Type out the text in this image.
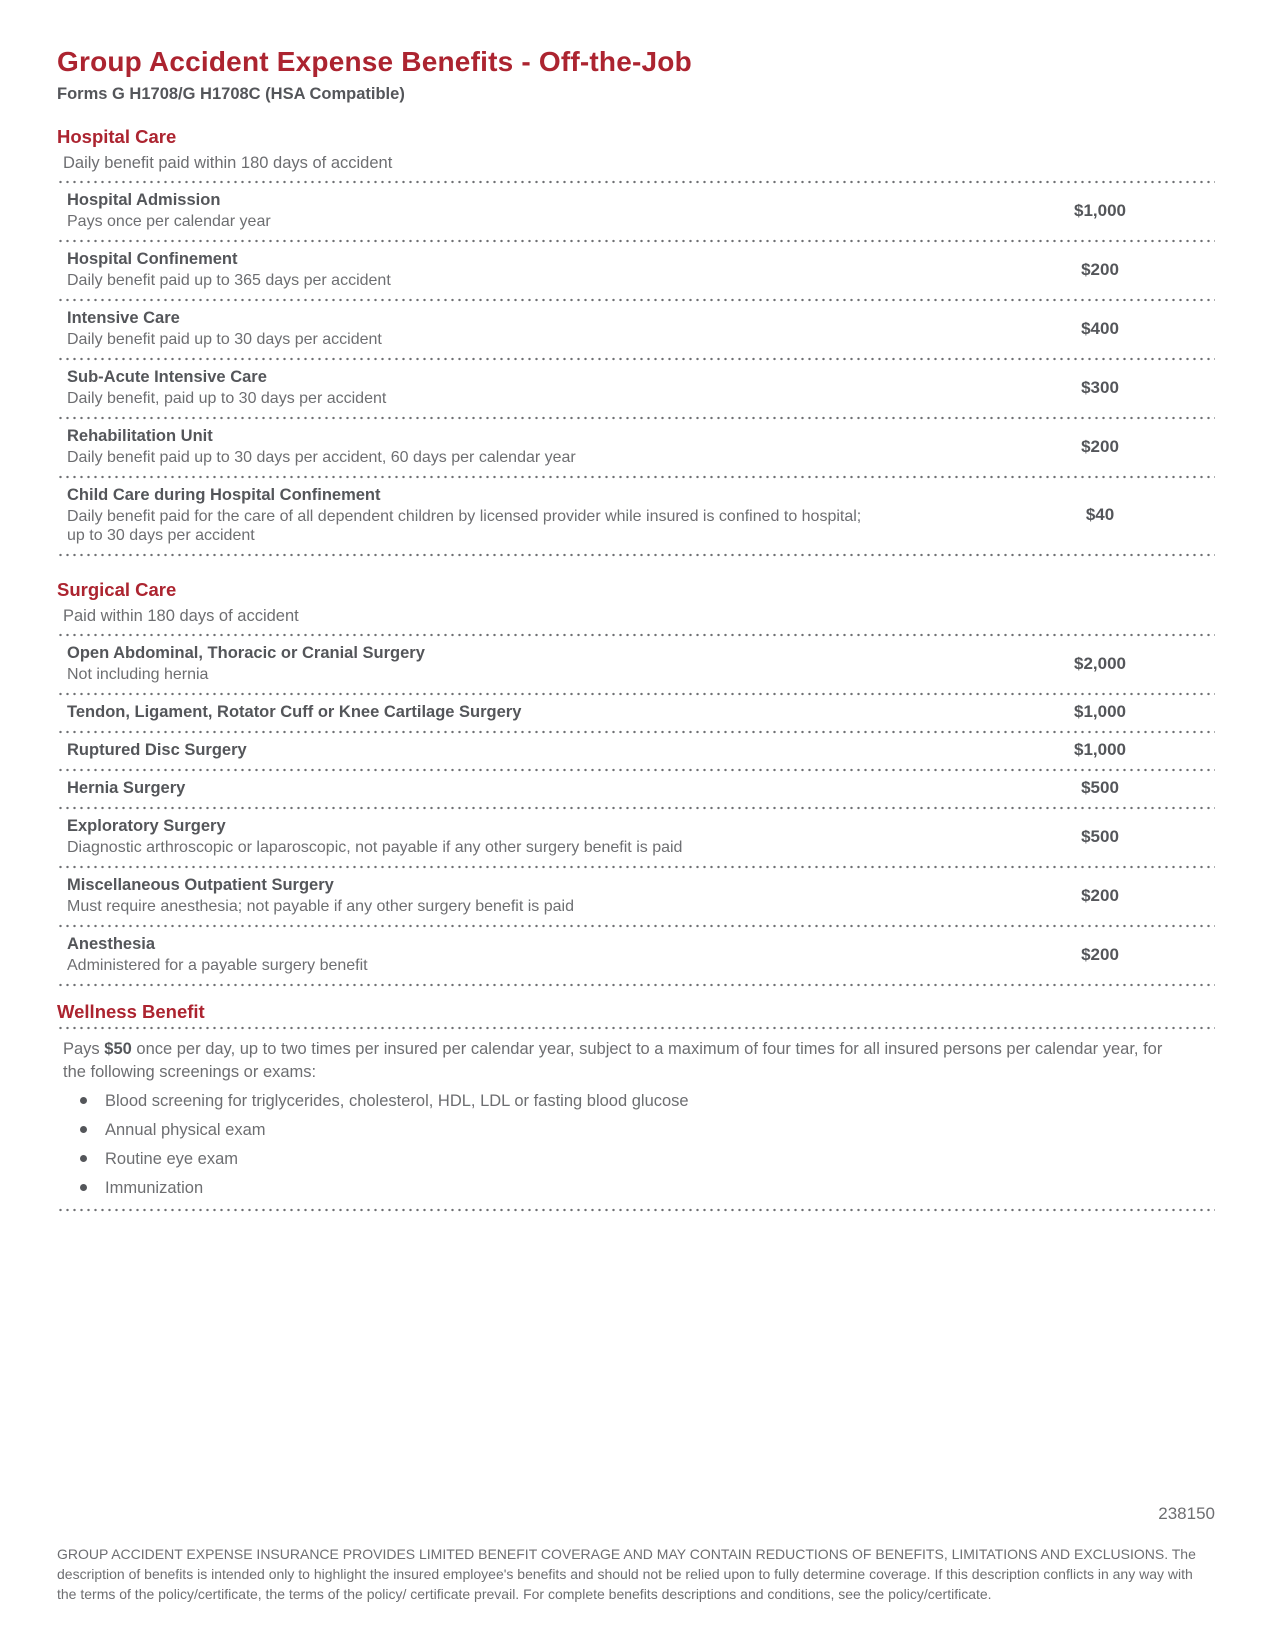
Group Accident Expense Benefits - Off-the-Job
Forms G H1708/G H1708C (HSA Compatible)
Hospital Care
Daily benefit paid within 180 days of accident
Hospital Admission
Pays once per calendar year
$1,000
Hospital Confinement
Daily benefit paid up to 365 days per accident
$200
Intensive Care
Daily benefit paid up to 30 days per accident
$400
Sub-Acute Intensive Care
Daily benefit, paid up to 30 days per accident
$300
Rehabilitation Unit
Daily benefit paid up to 30 days per accident, 60 days per calendar year
$200
Child Care during Hospital Confinement
Daily benefit paid for the care of all dependent children by licensed provider while insured is confined to hospital; up to 30 days per accident
$40
Surgical Care
Paid within 180 days of accident
Open Abdominal, Thoracic or Cranial Surgery
Not including hernia
$2,000
Tendon, Ligament, Rotator Cuff or Knee Cartilage Surgery	$1,000
Ruptured Disc Surgery	$1,000
Hernia Surgery	$500
Exploratory Surgery
Diagnostic arthroscopic or laparoscopic, not payable if any other surgery benefit is paid
$500
Miscellaneous Outpatient Surgery
Must require anesthesia; not payable if any other surgery benefit is paid
$200
Anesthesia
Administered for a payable surgery benefit
$200
Wellness Benefit

Pays $50 once per day, up to two times per insured per calendar year, subject to a maximum of four times for all insured persons per calendar year, for the following screenings or exams:

Blood screening for triglycerides, cholesterol, HDL, LDL or fasting blood glucose
Annual physical exam
Routine eye exam
Immunization
238150

GROUP ACCIDENT EXPENSE INSURANCE PROVIDES LIMITED BENEFIT COVERAGE AND MAY CONTAIN REDUCTIONS OF BENEFITS, LIMITATIONS AND EXCLUSIONS. The description of benefits is intended only to highlight the insured employee's benefits and should not be relied upon to fully determine coverage. If this description conflicts in any way with the terms of the policy/certificate, the terms of the policy/ certificate prevail. For complete benefits descriptions and conditions, see the policy/certificate.
